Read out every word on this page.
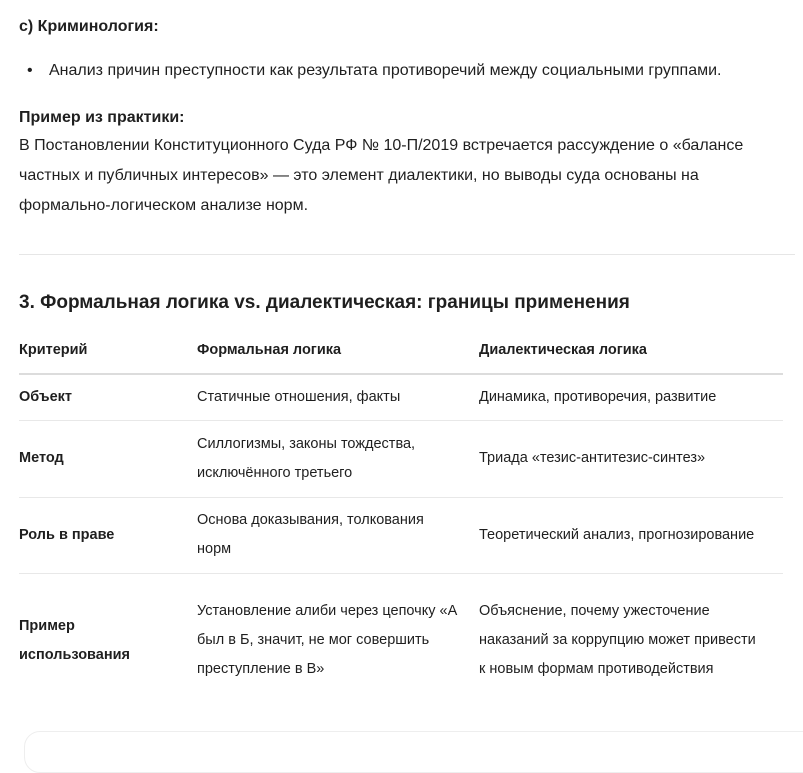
c) Криминология:

• Анализ причин преступности как результата противоречий между социальными группами.

Пример из практики:

В Постановлении Конституционного Суда РФ № 10-П/2019 встречается рассуждение о «балансе частных и публичных интересов» — это элемент диалектики, но выводы суда основаны на формально-логическом анализе норм.

3. Формальная логика vs. диалектическая: границы применения
Критерий	Формальная логика	Диалектическая логика
Объект	Статичные отношения, факты	Динамика, противоречия, развитие
Метод	Силлогизмы, законы тождества, исключённого третьего	Триада «тезис-антитезис-синтез»
Роль в праве	Основа доказывания, толкования норм	Теоретический анализ, прогнозирование
Пример использования	Установление алиби через цепочку «А был в Б, значит, не мог совершить преступление в В»	Объяснение, почему ужесточение наказаний за коррупцию может привести к новым формам противодействия
